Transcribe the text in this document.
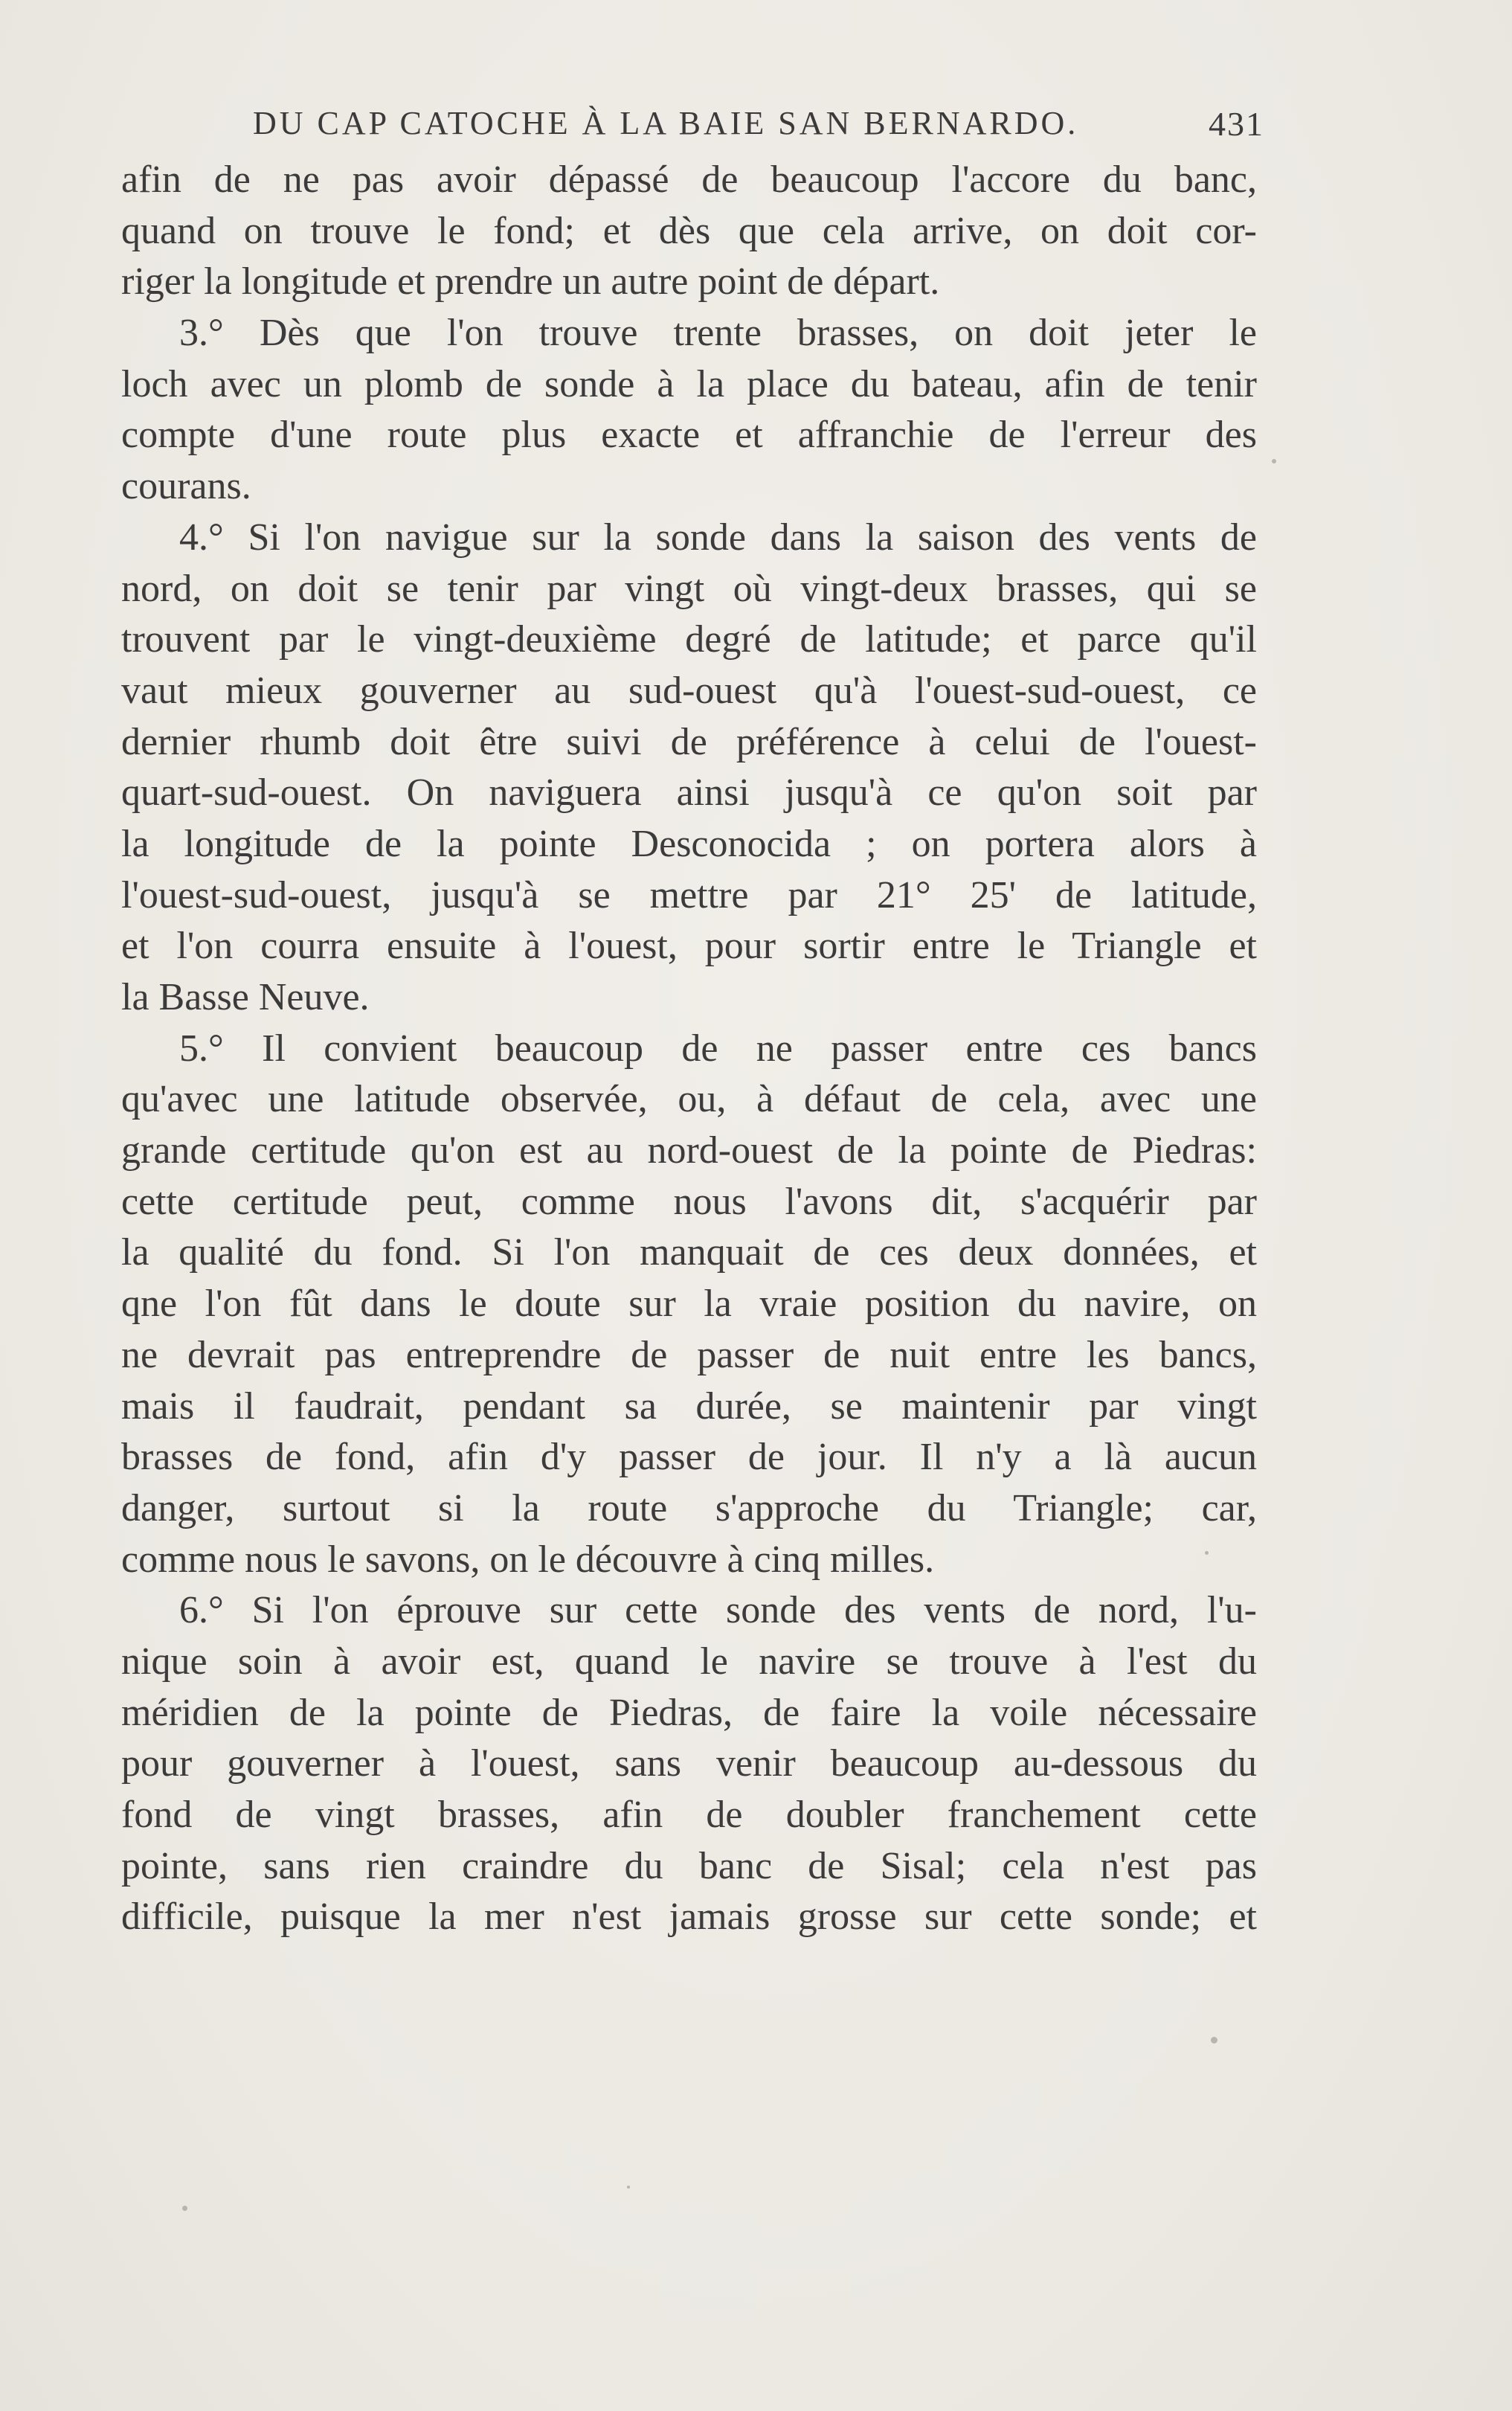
DU CAP CATOCHE À LA BAIE SAN BERNARDO.	431
afin de ne pas avoir dépassé de beaucoup l'accore du banc,
quand on trouve le fond; et dès que cela arrive, on doit cor-
riger la longitude et prendre un autre point de départ.
3.° Dès que l'on trouve trente brasses, on doit jeter le
loch avec un plomb de sonde à la place du bateau, afin de tenir
compte d'une route plus exacte et affranchie de l'erreur des
courans.
4.° Si l'on navigue sur la sonde dans la saison des vents de
nord, on doit se tenir par vingt où vingt-deux brasses, qui se
trouvent par le vingt-deuxième degré de latitude; et parce qu'il
vaut mieux gouverner au sud-ouest qu'à l'ouest-sud-ouest, ce
dernier rhumb doit être suivi de préférence à celui de l'ouest-
quart-sud-ouest. On naviguera ainsi jusqu'à ce qu'on soit par
la longitude de la pointe Desconocida ; on portera alors à
l'ouest-sud-ouest, jusqu'à se mettre par 21° 25' de latitude,
et l'on courra ensuite à l'ouest, pour sortir entre le Triangle et
la Basse Neuve.
5.° Il convient beaucoup de ne passer entre ces bancs
qu'avec une latitude observée, ou, à défaut de cela, avec une
grande certitude qu'on est au nord-ouest de la pointe de Piedras:
cette certitude peut, comme nous l'avons dit, s'acquérir par
la qualité du fond. Si l'on manquait de ces deux données, et
qne l'on fût dans le doute sur la vraie position du navire, on
ne devrait pas entreprendre de passer de nuit entre les bancs,
mais il faudrait, pendant sa durée, se maintenir par vingt
brasses de fond, afin d'y passer de jour. Il n'y a là aucun
danger, surtout si la route s'approche du Triangle; car,
comme nous le savons, on le découvre à cinq milles.
6.° Si l'on éprouve sur cette sonde des vents de nord, l'u-
nique soin à avoir est, quand le navire se trouve à l'est du
méridien de la pointe de Piedras, de faire la voile nécessaire
pour gouverner à l'ouest, sans venir beaucoup au-dessous du
fond de vingt brasses, afin de doubler franchement cette
pointe, sans rien craindre du banc de Sisal; cela n'est pas
difficile, puisque la mer n'est jamais grosse sur cette sonde; et
